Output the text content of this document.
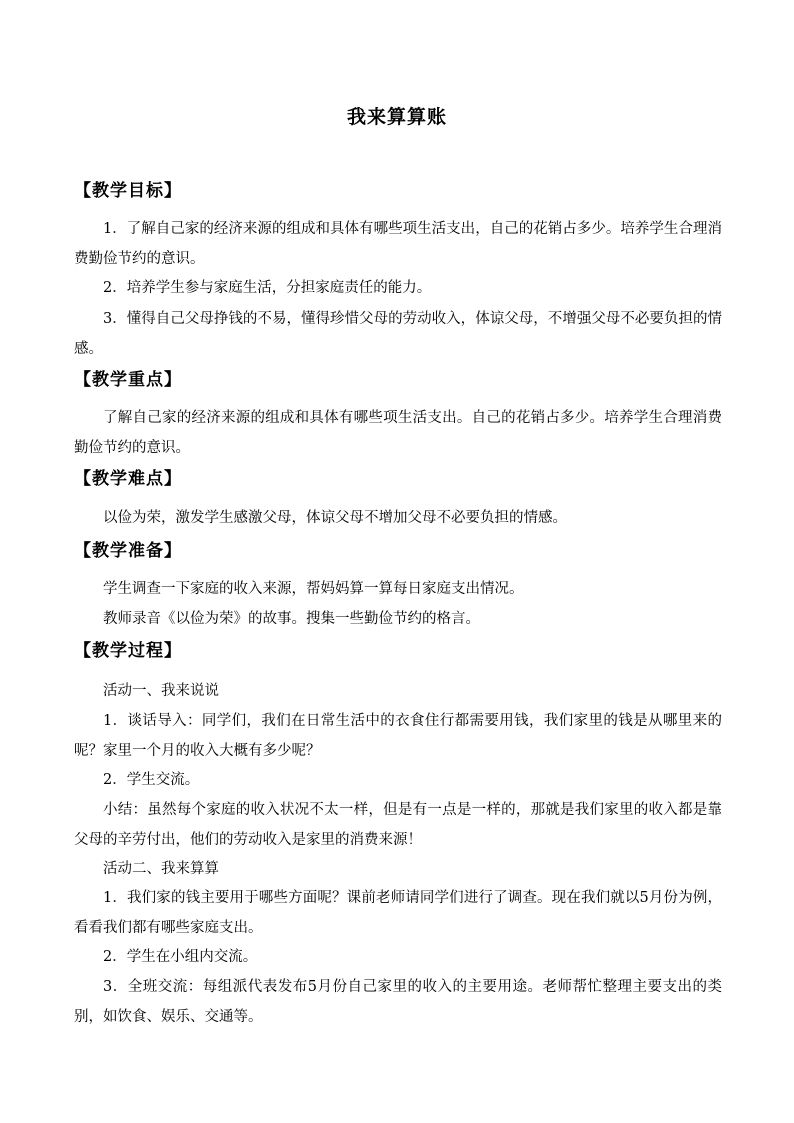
我来算算账
【教学目标】
1．了解自己家的经济来源的组成和具体有哪些项生活支出，自己的花销占多少。培养学生合理消费勤俭节约的意识。
2．培养学生参与家庭生活，分担家庭责任的能力。
3．懂得自己父母挣钱的不易，懂得珍惜父母的劳动收入，体谅父母，不增强父母不必要负担的情感。
【教学重点】
了解自己家的经济来源的组成和具体有哪些项生活支出。自己的花销占多少。培养学生合理消费勤俭节约的意识。
【教学难点】
以俭为荣，激发学生感激父母，体谅父母不增加父母不必要负担的情感。
【教学准备】
学生调查一下家庭的收入来源，帮妈妈算一算每日家庭支出情况。
教师录音《以俭为荣》的故事。搜集一些勤俭节约的格言。
【教学过程】
活动一、我来说说
1．谈话导入：同学们，我们在日常生活中的衣食住行都需要用钱，我们家里的钱是从哪里来的呢？家里一个月的收入大概有多少呢？
2．学生交流。
小结：虽然每个家庭的收入状况不太一样，但是有一点是一样的，那就是我们家里的收入都是靠父母的辛劳付出，他们的劳动收入是家里的消费来源！
活动二、我来算算
1．我们家的钱主要用于哪些方面呢？课前老师请同学们进行了调查。现在我们就以5月份为例，看看我们都有哪些家庭支出。
2．学生在小组内交流。
3．全班交流：每组派代表发布5月份自己家里的收入的主要用途。老师帮忙整理主要支出的类别，如饮食、娱乐、交通等。
